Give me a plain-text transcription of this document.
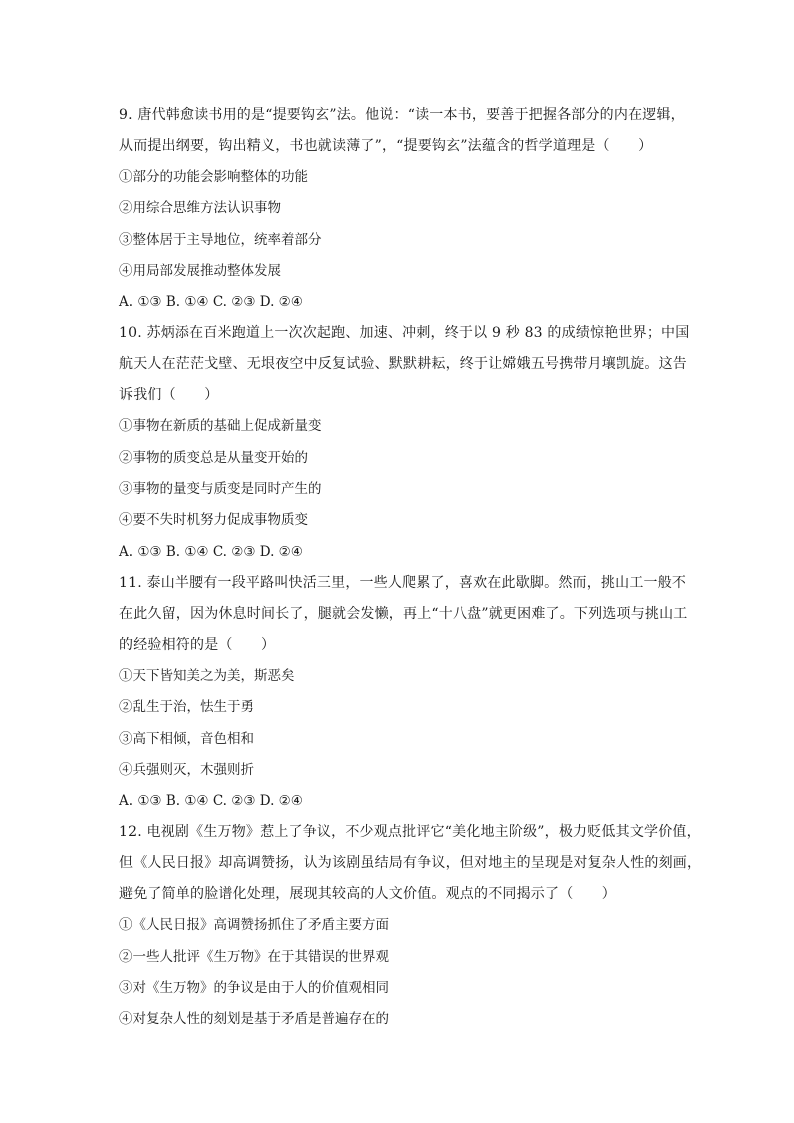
9. 唐代韩愈读书用的是“提要钩玄”法。他说：“读一本书，要善于把握各部分的内在逻辑，
从而提出纲要，钩出精义，书也就读薄了”，“提要钩玄”法蕴含的哲学道理是（　　）
①部分的功能会影响整体的功能
②用综合思维方法认识事物
③整体居于主导地位，统率着部分
④用局部发展推动整体发展
A. ①③ B. ①④ C. ②③ D. ②④
10. 苏炳添在百米跑道上一次次起跑、加速、冲刺，终于以 9 秒 83 的成绩惊艳世界；中国
航天人在茫茫戈壁、无垠夜空中反复试验、默默耕耘，终于让嫦娥五号携带月壤凯旋。这告
诉我们（　　）
①事物在新质的基础上促成新量变
②事物的质变总是从量变开始的
③事物的量变与质变是同时产生的
④要不失时机努力促成事物质变
A. ①③ B. ①④ C. ②③ D. ②④
11. 泰山半腰有一段平路叫快活三里，一些人爬累了，喜欢在此歇脚。然而，挑山工一般不
在此久留，因为休息时间长了，腿就会发懒，再上“十八盘”就更困难了。下列选项与挑山工
的经验相符的是（　　）
①天下皆知美之为美，斯恶矣
②乱生于治，怯生于勇
③高下相倾，音色相和
④兵强则灭，木强则折
A. ①③ B. ①④ C. ②③ D. ②④
12. 电视剧《生万物》惹上了争议，不少观点批评它“美化地主阶级”，极力贬低其文学价值，
但《人民日报》却高调赞扬，认为该剧虽结局有争议，但对地主的呈现是对复杂人性的刻画，
避免了简单的脸谱化处理，展现其较高的人文价值。观点的不同揭示了（　　）
①《人民日报》高调赞扬抓住了矛盾主要方面
②一些人批评《生万物》在于其错误的世界观
③对《生万物》的争议是由于人的价值观相同
④对复杂人性的刻划是基于矛盾是普遍存在的
